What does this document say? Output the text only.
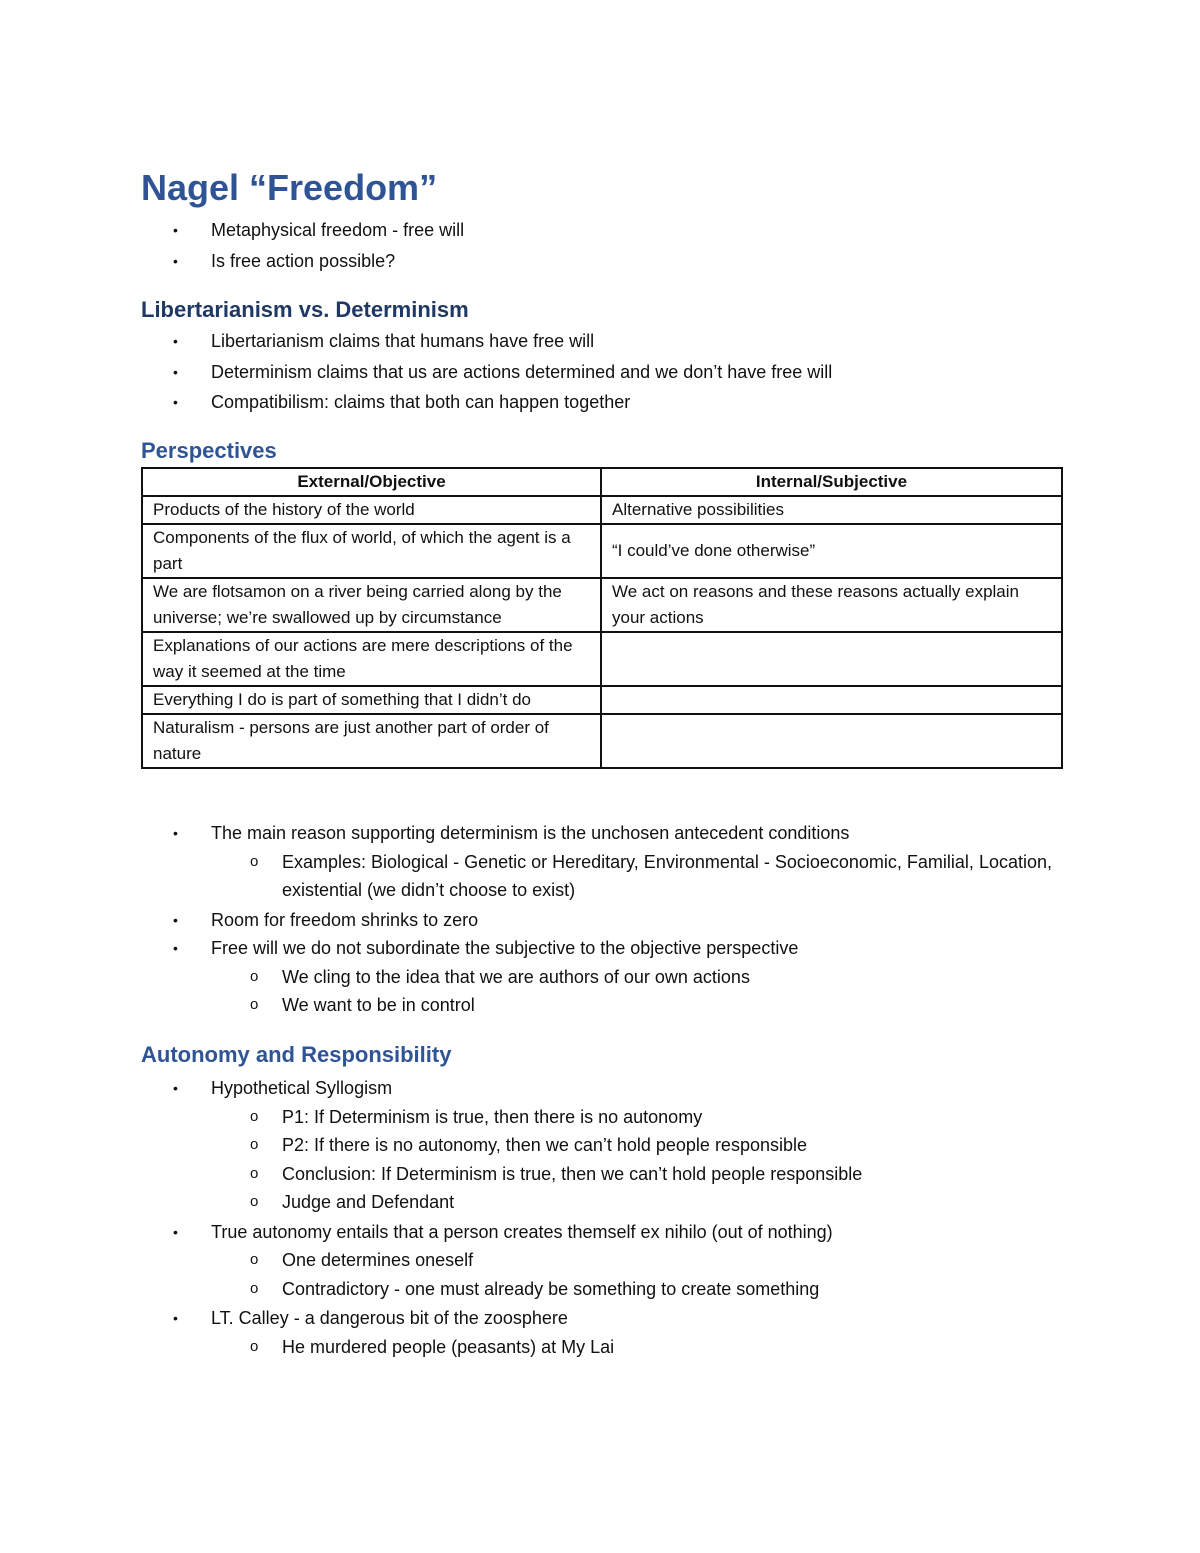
Nagel “Freedom”
• Metaphysical freedom - free will
• Is free action possible?
Libertarianism vs. Determinism
• Libertarianism claims that humans have free will
• Determinism claims that us are actions determined and we don’t have free will
• Compatibilism: claims that both can happen together
Perspectives
External/Objective	Internal/Subjective
Products of the history of the world	Alternative possibilities
Components of the flux of world, of which the agent is a part	“I could’ve done otherwise”
We are flotsamon on a river being carried along by the universe; we’re swallowed up by circumstance	We act on reasons and these reasons actually explain your actions
Explanations of our actions are mere descriptions of the way it seemed at the time	
Everything I do is part of something that I didn’t do	
Naturalism - persons are just another part of order of nature	
• The main reason supporting determinism is the unchosen antecedent conditions
o Examples: Biological - Genetic or Hereditary, Environmental - Socioeconomic, Familial, Location, existential (we didn’t choose to exist)
• Room for freedom shrinks to zero
• Free will we do not subordinate the subjective to the objective perspective
o We cling to the idea that we are authors of our own actions
o We want to be in control
Autonomy and Responsibility
• Hypothetical Syllogism
o P1: If Determinism is true, then there is no autonomy
o P2: If there is no autonomy, then we can’t hold people responsible
o Conclusion: If Determinism is true, then we can’t hold people responsible
o Judge and Defendant
• True autonomy entails that a person creates themself ex nihilo (out of nothing)
o One determines oneself
o Contradictory - one must already be something to create something
• LT. Calley - a dangerous bit of the zoosphere
o He murdered people (peasants) at My Lai
